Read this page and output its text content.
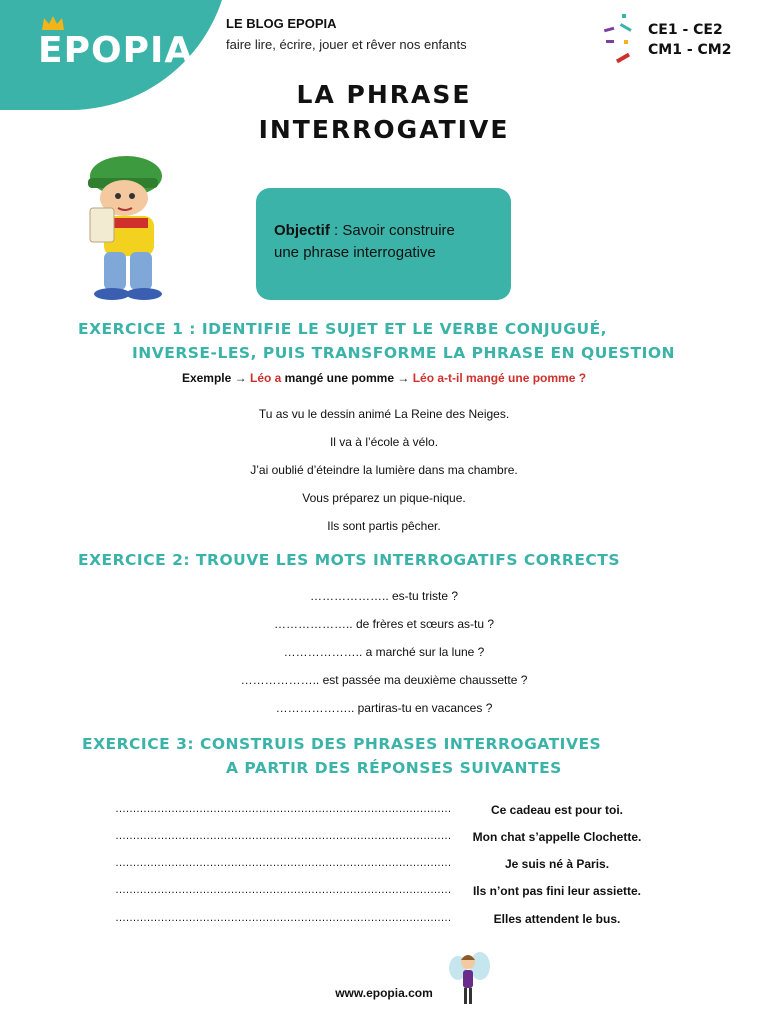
EPOPIA
LE BLOG EPOPIA
faire lire, écrire, jouer et rêver nos enfants
CE1 - CE2
CM1 - CM2
LA PHRASE
INTERROGATIVE
Objectif : Savoir construire
une phrase interrogative
EXERCICE 1 : IDENTIFIE LE SUJET ET LE VERBE CONJUGUÉ,
INVERSE-LES, PUIS TRANSFORME LA PHRASE EN QUESTION
Exemple → Léo a mangé une pomme → Léo a-t-il mangé une pomme ?
Tu as vu le dessin animé La Reine des Neiges.
Il va à l’école à vélo.
J’ai oublié d’éteindre la lumière dans ma chambre.
Vous préparez un pique-nique.
Ils sont partis pêcher.
EXERCICE 2: TROUVE LES MOTS INTERROGATIFS CORRECTS
……………….. es-tu triste ?
……………….. de frères et sœurs as-tu ?
……………….. a marché sur la lune ?
……………….. est passée ma deuxième chaussette ?
……………….. partiras-tu en vacances ?
EXERCICE 3: CONSTRUIS DES PHRASES INTERROGATIVES
A PARTIR DES RÉPONSES SUIVANTES
……………………………………………………………………………………	Ce cadeau est pour toi.
……………………………………………………………………………………	Mon chat s’appelle Clochette.
……………………………………………………………………………………	Je suis né à Paris.
……………………………………………………………………………………	Ils n’ont pas fini leur assiette.
……………………………………………………………………………………	Elles attendent le bus.
www.epopia.com
